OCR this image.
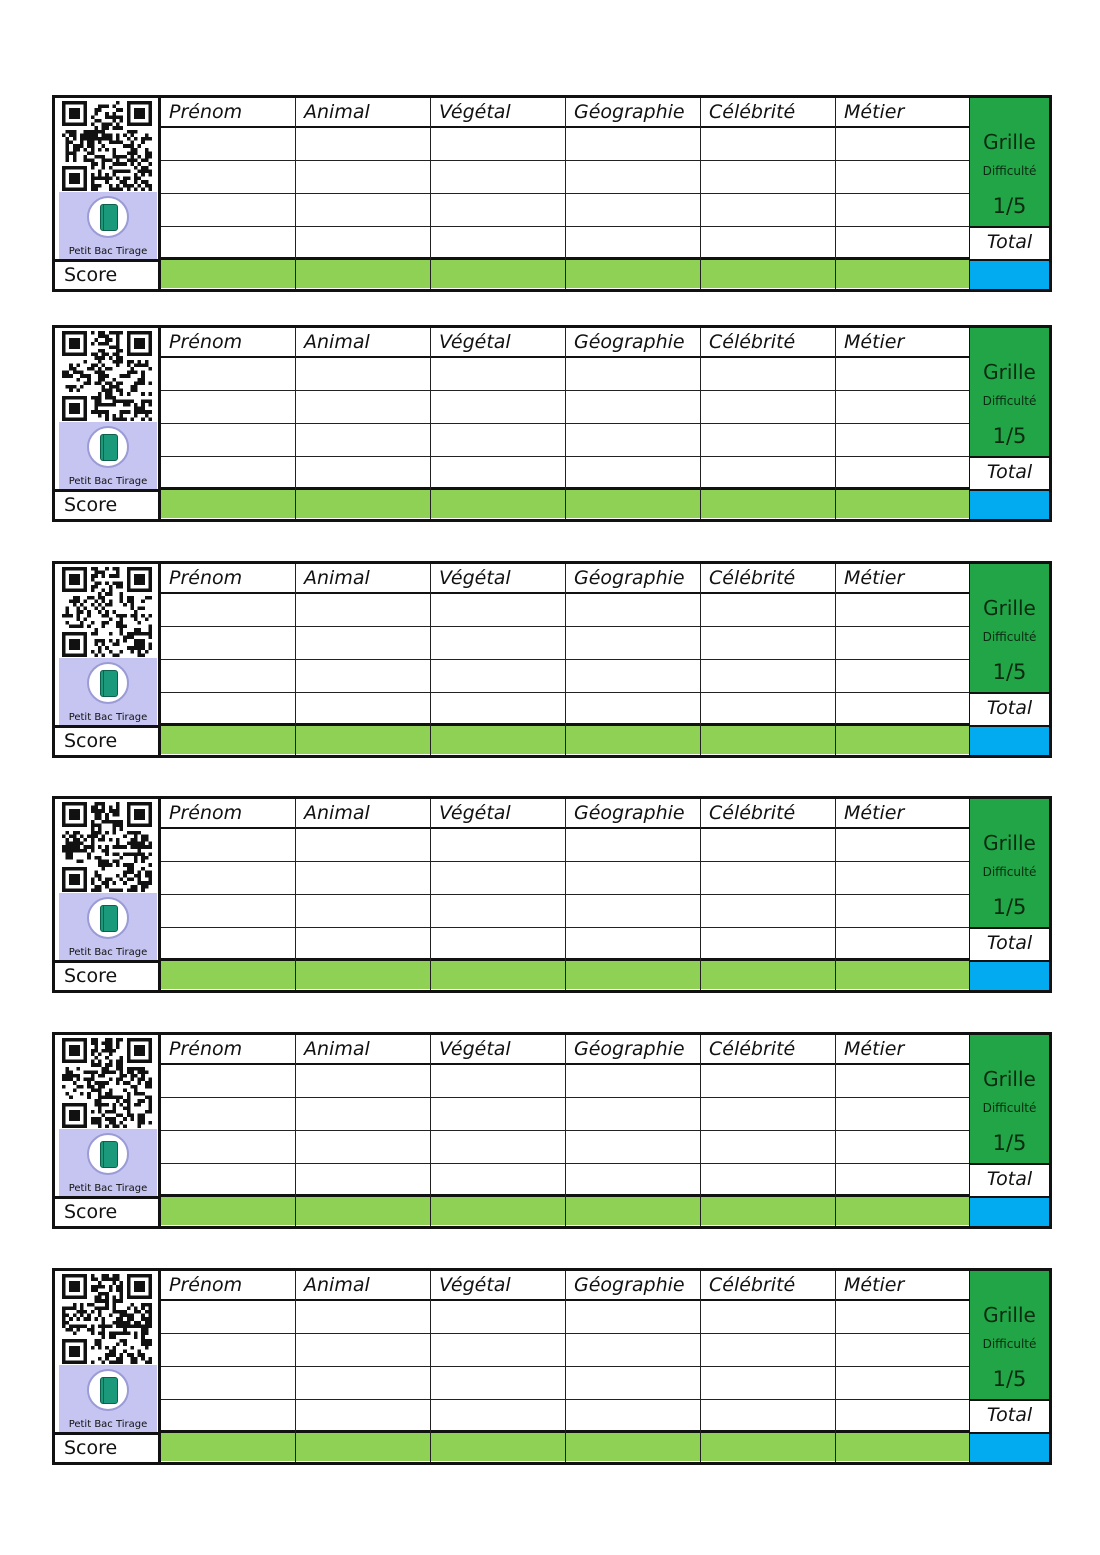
Petit Bac Tirage
Score
Prénom	Animal	Végétal	Géographie	Célébrité	Métier
Grille
Difficulté
1/5
Total
Petit Bac Tirage
Score
Prénom	Animal	Végétal	Géographie	Célébrité	Métier
Grille
Difficulté
1/5
Total
Petit Bac Tirage
Score
Prénom	Animal	Végétal	Géographie	Célébrité	Métier
Grille
Difficulté
1/5
Total
Petit Bac Tirage
Score
Prénom	Animal	Végétal	Géographie	Célébrité	Métier
Grille
Difficulté
1/5
Total
Petit Bac Tirage
Score
Prénom	Animal	Végétal	Géographie	Célébrité	Métier
Grille
Difficulté
1/5
Total
Petit Bac Tirage
Score
Prénom	Animal	Végétal	Géographie	Célébrité	Métier
Grille
Difficulté
1/5
Total
